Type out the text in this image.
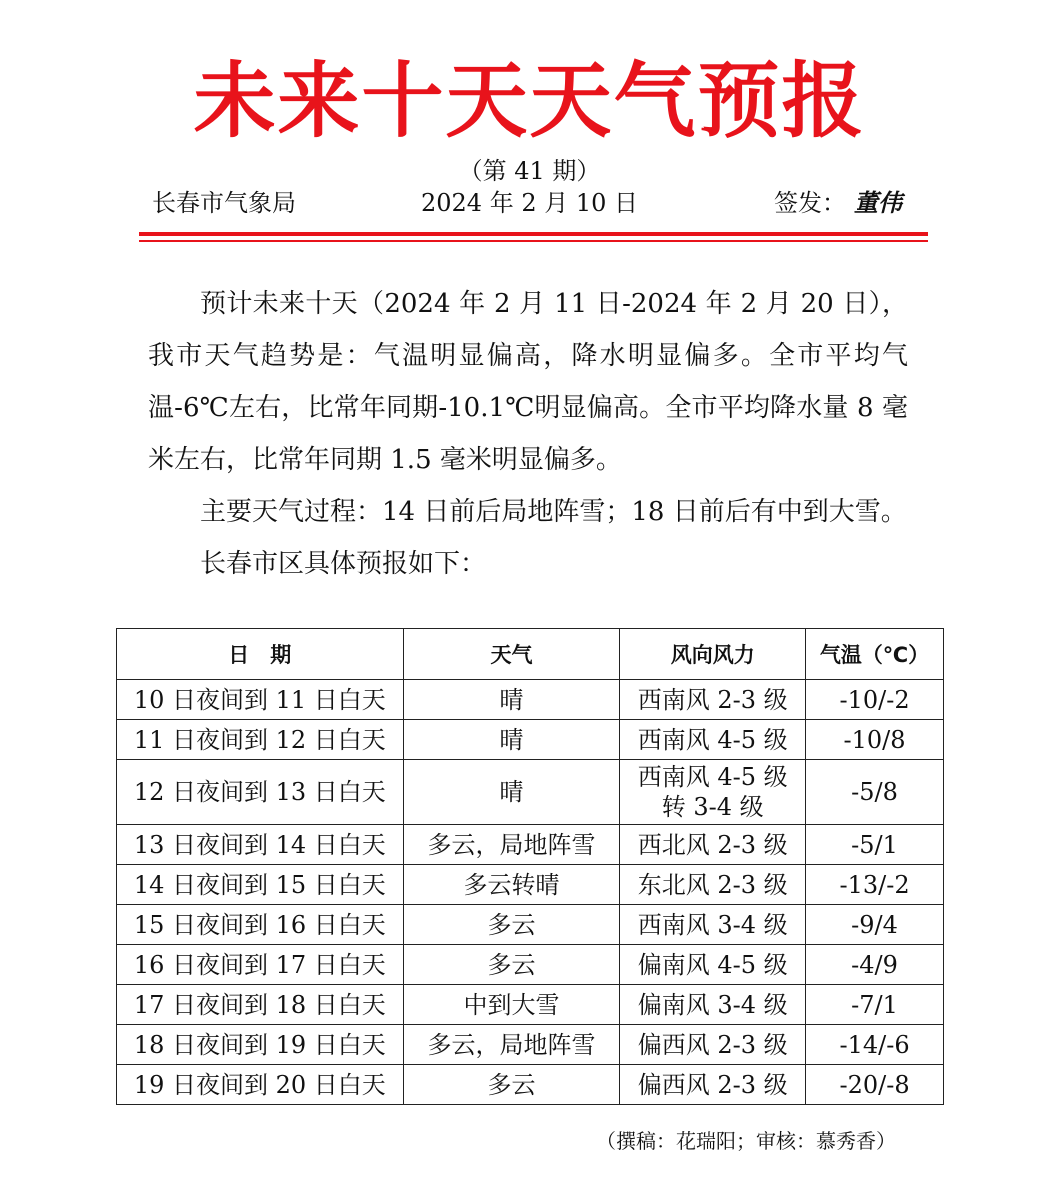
未来十天天气预报
（第 41 期）
长春市气象局	2024 年 2 月 10 日	签发： 董伟

预计未来十天（2024 年 2 月 11 日-2024 年 2 月 20 日），我市天气趋势是：气温明显偏高，降水明显偏多。全市平均气温-6℃左右，比常年同期-10.1℃明显偏高。全市平均降水量 8 毫米左右，比常年同期 1.5 毫米明显偏多。

主要天气过程：14 日前后局地阵雪；18 日前后有中到大雪。

长春市区具体预报如下：

日　期	天气	风向风力	气温（℃）
10 日夜间到 11 日白天	晴	西南风 2-3 级	-10/-2
11 日夜间到 12 日白天	晴	西南风 4-5 级	-10/8
12 日夜间到 13 日白天	晴	西南风 4-5 级
转 3-4 级	-5/8
13 日夜间到 14 日白天	多云，局地阵雪	西北风 2-3 级	-5/1
14 日夜间到 15 日白天	多云转晴	东北风 2-3 级	-13/-2
15 日夜间到 16 日白天	多云	西南风 3-4 级	-9/4
16 日夜间到 17 日白天	多云	偏南风 4-5 级	-4/9
17 日夜间到 18 日白天	中到大雪	偏南风 3-4 级	-7/1
18 日夜间到 19 日白天	多云，局地阵雪	偏西风 2-3 级	-14/-6
19 日夜间到 20 日白天	多云	偏西风 2-3 级	-20/-8
（撰稿：花瑞阳；审核：慕秀香）
